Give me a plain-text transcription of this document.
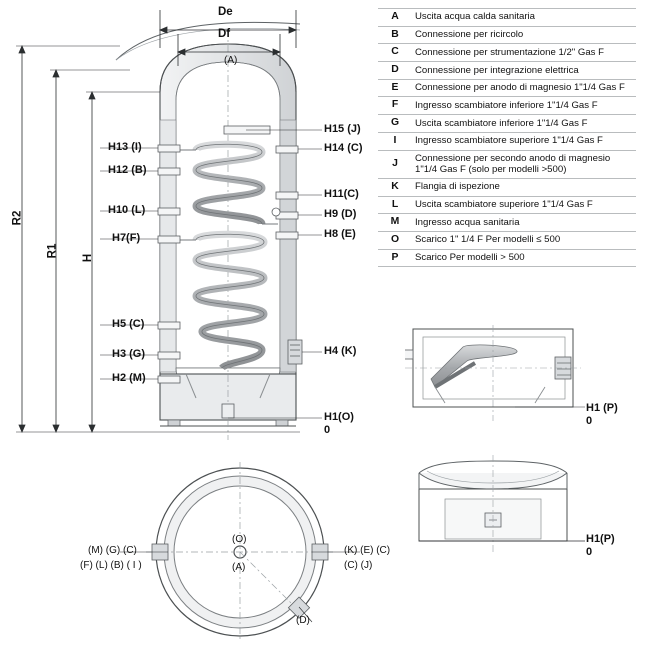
De
Df
R2
R1 H
(A)
H13 (I)
H12 (B)
H10 (L)
H7(F)
H5 (C)
H3 (G)
H2 (M)
H15 (J)
H14 (C)
H11(C)
H9 (D)
H8 (E)
H4 (K)
H1(O)
0
A	Uscita acqua calda sanitaria
B	Connessione per ricircolo
C	Connessione per strumentazione 1/2" Gas F
D	Connessione per integrazione elettrica
E	Connessione per anodo di magnesio 1"1/4 Gas F
F	Ingresso scambiatore inferiore 1"1/4 Gas F
G	Uscita scambiatore inferiore 1"1/4 Gas F
I	Ingresso scambiatore superiore 1"1/4 Gas F
J	Connessione per secondo anodo di magnesio 1"1/4 Gas F (solo per modelli >500)
K	Flangia di ispezione
L	Uscita scambiatore superiore 1"1/4 Gas F
M	Ingresso acqua sanitaria
O	Scarico 1" 1/4 F Per modelli ≤ 500
P	Scarico Per modelli > 500
H1 (P)
0
H1(P)
0
(O)
(A)
(M) (G) (C)
(F) (L) (B) ( I )
(K) (E) (C)
(C) (J)
(D)
